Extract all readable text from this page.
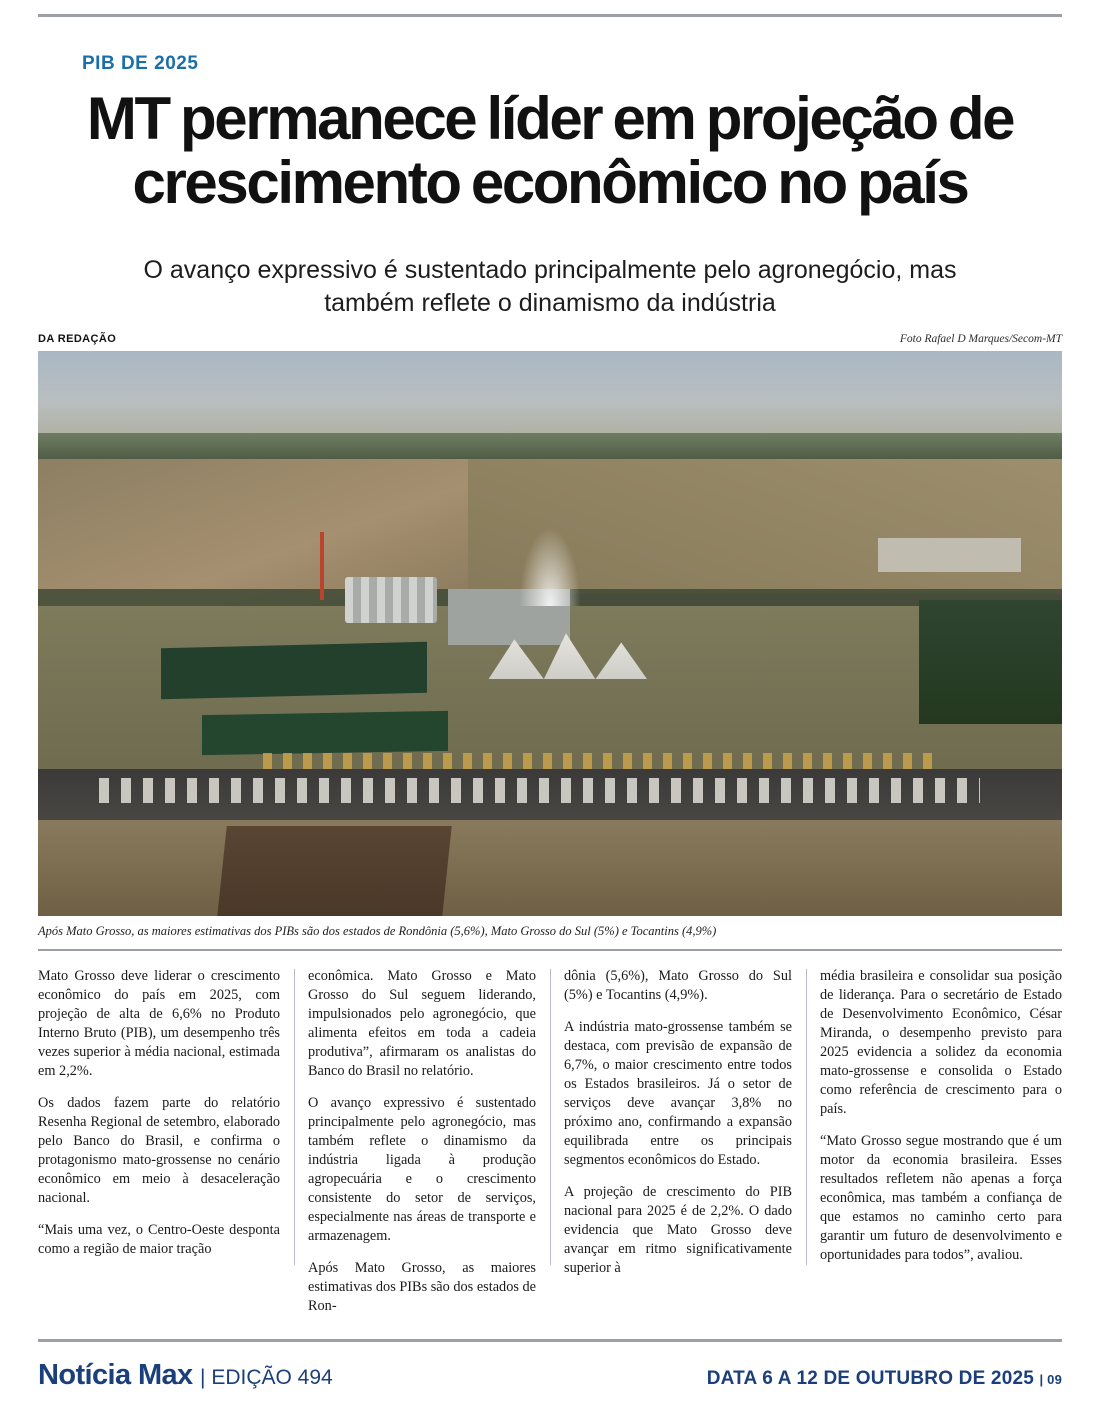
PIB DE 2025
MT permanece líder em projeção de crescimento econômico no país
O avanço expressivo é sustentado principalmente pelo agronegócio, mas também reflete o dinamismo da indústria
DA REDAÇÃO	Foto Rafael D Marques/Secom-MT
Após Mato Grosso, as maiores estimativas dos PIBs são dos estados de Rondônia (5,6%), Mato Grosso do Sul (5%) e Tocantins (4,9%)

Mato Grosso deve liderar o crescimento econômico do país em 2025, com projeção de alta de 6,6% no Produto Interno Bruto (PIB), um desempenho três vezes superior à média nacional, estimada em 2,2%.

Os dados fazem parte do relatório Resenha Regional de setembro, elaborado pelo Banco do Brasil, e confirma o protagonismo mato-grossense no cenário econômico em meio à desaceleração nacional.

“Mais uma vez, o Centro-Oeste desponta como a região de maior tração

econômica. Mato Grosso e Mato Grosso do Sul seguem liderando, impulsionados pelo agronegócio, que alimenta efeitos em toda a cadeia produtiva”, afirmaram os analistas do Banco do Brasil no relatório.

O avanço expressivo é sustentado principalmente pelo agronegócio, mas também reflete o dinamismo da indústria ligada à produção agropecuária e o crescimento consistente do setor de serviços, especialmente nas áreas de transporte e armazenagem.

Após Mato Grosso, as maiores estimativas dos PIBs são dos estados de Ron-

dônia (5,6%), Mato Grosso do Sul (5%) e Tocantins (4,9%).

A indústria mato-grossense também se destaca, com previsão de expansão de 6,7%, o maior crescimento entre todos os Estados brasileiros. Já o setor de serviços deve avançar 3,8% no próximo ano, confirmando a expansão equilibrada entre os principais segmentos econômicos do Estado.

A projeção de crescimento do PIB nacional para 2025 é de 2,2%. O dado evidencia que Mato Grosso deve avançar em ritmo significativamente superior à

média brasileira e consolidar sua posição de liderança. Para o secretário de Estado de Desenvolvimento Econômico, César Miranda, o desempenho previsto para 2025 evidencia a solidez da economia mato-grossense e consolida o Estado como referência de crescimento para o país.

“Mato Grosso segue mostrando que é um motor da economia brasileira. Esses resultados refletem não apenas a força econômica, mas também a confiança de que estamos no caminho certo para garantir um futuro de desenvolvimento e oportunidades para todos”, avaliou.

Notícia Max | EDIÇÃO 494	DATA 6 A 12 DE OUTUBRO DE 2025 | 09
